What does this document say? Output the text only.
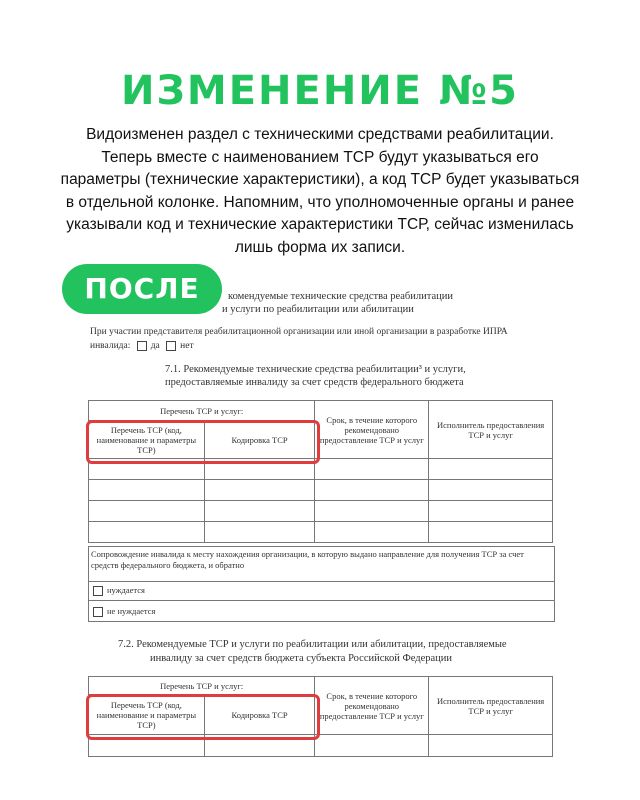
ИЗМЕНЕНИЕ №5
Видоизменен раздел с техническими средствами реабилитации. Теперь вместе с наименованием ТСР будут указываться его параметры (технические характеристики), а код ТСР будет указываться в отдельной колонке. Напомним, что уполномоченные органы и ранее указывали код и технические характеристики ТСР, сейчас изменилась лишь форма их записи.
ПОСЛЕ	комендуемые технические средства реабилитации
и услуги по реабилитации или абилитации
При участии представителя реабилитационной организации или иной организации в разработке ИПРА
инвалида: да нет
7.1. Рекомендуемые технические средства реабилитации³ и услуги,
предоставляемые инвалиду за счет средств федерального бюджета
Перечень ТСР и услуг:		Срок, в течение которого рекомендовано предоставление ТСР и услуг	Исполнитель предоставления ТСР и услуг
Перечень ТСР (код, наименование и параметры ТСР)	Кодировка ТСР		

Сопровождение инвалида к месту нахождения организации, в которую выдано направление для получения ТСР за счет средств федерального бюджета, и обратно
нуждается
не нуждается
7.2. Рекомендуемые ТСР и услуги по реабилитации или абилитации, предоставляемые
инвалиду за счет средств бюджета субъекта Российской Федерации
Перечень ТСР и услуг:		Срок, в течение которого рекомендовано предоставление ТСР и услуг	Исполнитель предоставления ТСР и услуг
Перечень ТСР (код, наименование и параметры ТСР)	Кодировка ТСР		
